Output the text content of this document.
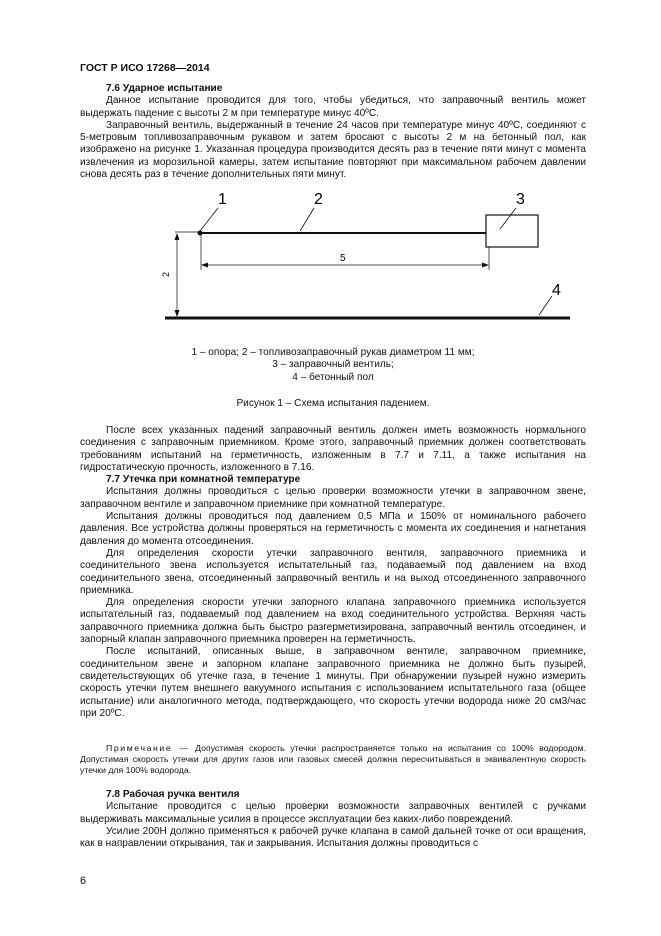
ГОСТ Р ИСО 17268—2014
7.6 Ударное испытание

Данное испытание проводится для того, чтобы убедиться, что заправочный вентиль может выдержать падение с высоты 2 м при температуре минус 40ºС.

Заправочный вентиль, выдержанный в течение 24 часов при температуре минус 40ºС, соединяют с 5-метровым топливозаправочным рукавом и затем бросают с высоты 2 м на бетонный пол, как изображено на рисунке 1. Указанная процедура производится десять раз в течение пяти минут с момента извлечения из морозильной камеры, затем испытание повторяют при максимальном рабочем давлении снова десять раз в течение дополнительных пяти минут.

1	2	3
4
2
5
1 – опора; 2 – топливозаправочный рукав диаметром 11 мм;
3 – заправочный вентиль;
4 – бетонный пол
Рисунок 1 – Схема испытания падением.

После всех указанных падений заправочный вентиль должен иметь возможность нормального соединения с заправочным приемником. Кроме этого, заправочный приемник должен соответствовать требованиям испытаний на герметичность, изложенным в 7.7 и 7.11, а также испытания на гидростатическую прочность, изложенного в 7.16.

7.7 Утечка при комнатной температуре

Испытания должны проводиться с целью проверки возможности утечки в заправочном звене, заправочном вентиле и заправочном приемнике при комнатной температуре.

Испытания должны проводиться под давлением 0,5 МПа и 150% от номинального рабочего давления. Все устройства должны проверяться на герметичность с момента их соединения и нагнетания давления до момента отсоединения.

Для определения скорости утечки заправочного вентиля, заправочного приемника и соединительного звена используется испытательный газ, подаваемый под давлением на вход соединительного звена, отсоединенный заправочный вентиль и на выход отсоединенного заправочного приемника.

Для определения скорости утечки запорного клапана заправочного приемника используется испытательный газ, подаваемый под давлением на вход соединительного устройства. Верхняя часть заправочного приемника должна быть быстро разгерметизирована, заправочный вентиль отсоединен, и запорный клапан заправочного приемника проверен на герметичность.

После испытаний, описанных выше, в заправочном вентиле, заправочном приемнике, соединительном звене и запорном клапане заправочного приемника не должно быть пузырей, свидетельствующих об утечке газа, в течение 1 минуты. При обнаружении пузырей нужно измерить скорость утечки путем внешнего вакуумного испытания с использованием испытательного газа (общее испытание) или аналогичного метода, подтверждающего, что скорость утечки водорода ниже 20 см3/час при 20ºС.

Примечание — Допустимая скорость утечки распространяется только на испытания со 100% водородом. Допустимая скорость утечки для других газов или газовых смесей должна пересчитываться в эквивалентную скорость утечки для 100% водорода.

7.8 Рабочая ручка вентиля

Испытание проводится с целью проверки возможности заправочных вентилей с ручками выдерживать максимальные усилия в процессе эксплуатации без каких-либо повреждений.

Усилие 200Н должно применяться к рабочей ручке клапана в самой дальней точке от оси вращения, как в направлении открывания, так и закрывания. Испытания должны проводиться с

6
